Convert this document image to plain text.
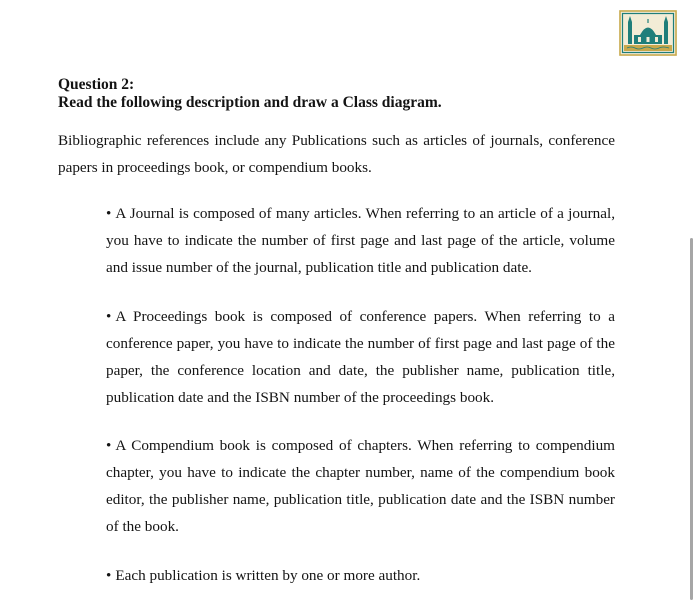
Question 2:
Read the following description and draw a Class diagram.

Bibliographic references include any Publications such as articles of journals, conference papers in proceedings book, or compendium books.

• A Journal is composed of many articles. When referring to an article of a journal, you have to indicate the number of first page and last page of the article, volume and issue number of the journal, publication title and publication date.

• A Proceedings book is composed of conference papers. When referring to a conference paper, you have to indicate the number of first page and last page of the paper, the conference location and date, the publisher name, publication title, publication date and the ISBN number of the proceedings book.

• A Compendium book is composed of chapters. When referring to compendium chapter, you have to indicate the chapter number, name of the compendium book editor, the publisher name, publication title, publication date and the ISBN number of the book.

• Each publication is written by one or more author.
